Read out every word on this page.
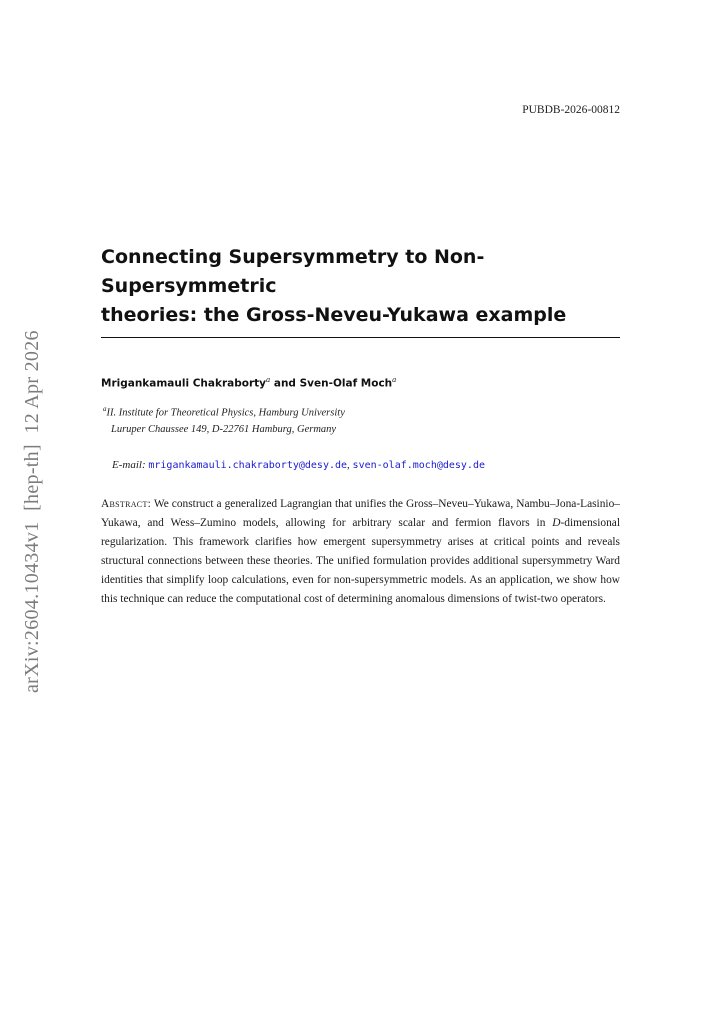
PUBDB-2026-00812
arXiv:2604.10434v1  [hep-th]  12 Apr 2026
Connecting Supersymmetry to Non-Supersymmetric
theories: the Gross-Neveu-Yukawa example
Mrigankamauli Chakraborty$^a$ and Sven-Olaf Moch$^a$
$^a$II. Institute for Theoretical Physics, Hamburg University
Luruper Chaussee 149, D-22761 Hamburg, Germany
E-mail: mrigankamauli.chakraborty@desy.de, sven-olaf.moch@desy.de
Abstract: We construct a generalized Lagrangian that unifies the Gross–Neveu–Yukawa, Nambu–Jona-Lasinio–Yukawa, and Wess–Zumino models, allowing for arbitrary scalar and fermion flavors in D-dimensional regularization. This framework clarifies how emergent supersymmetry arises at critical points and reveals structural connections between these theories. The unified formulation provides additional supersymmetry Ward identities that simplify loop calculations, even for non-supersymmetric models. As an application, we show how this technique can reduce the computational cost of determining anomalous dimensions of twist-two operators.
